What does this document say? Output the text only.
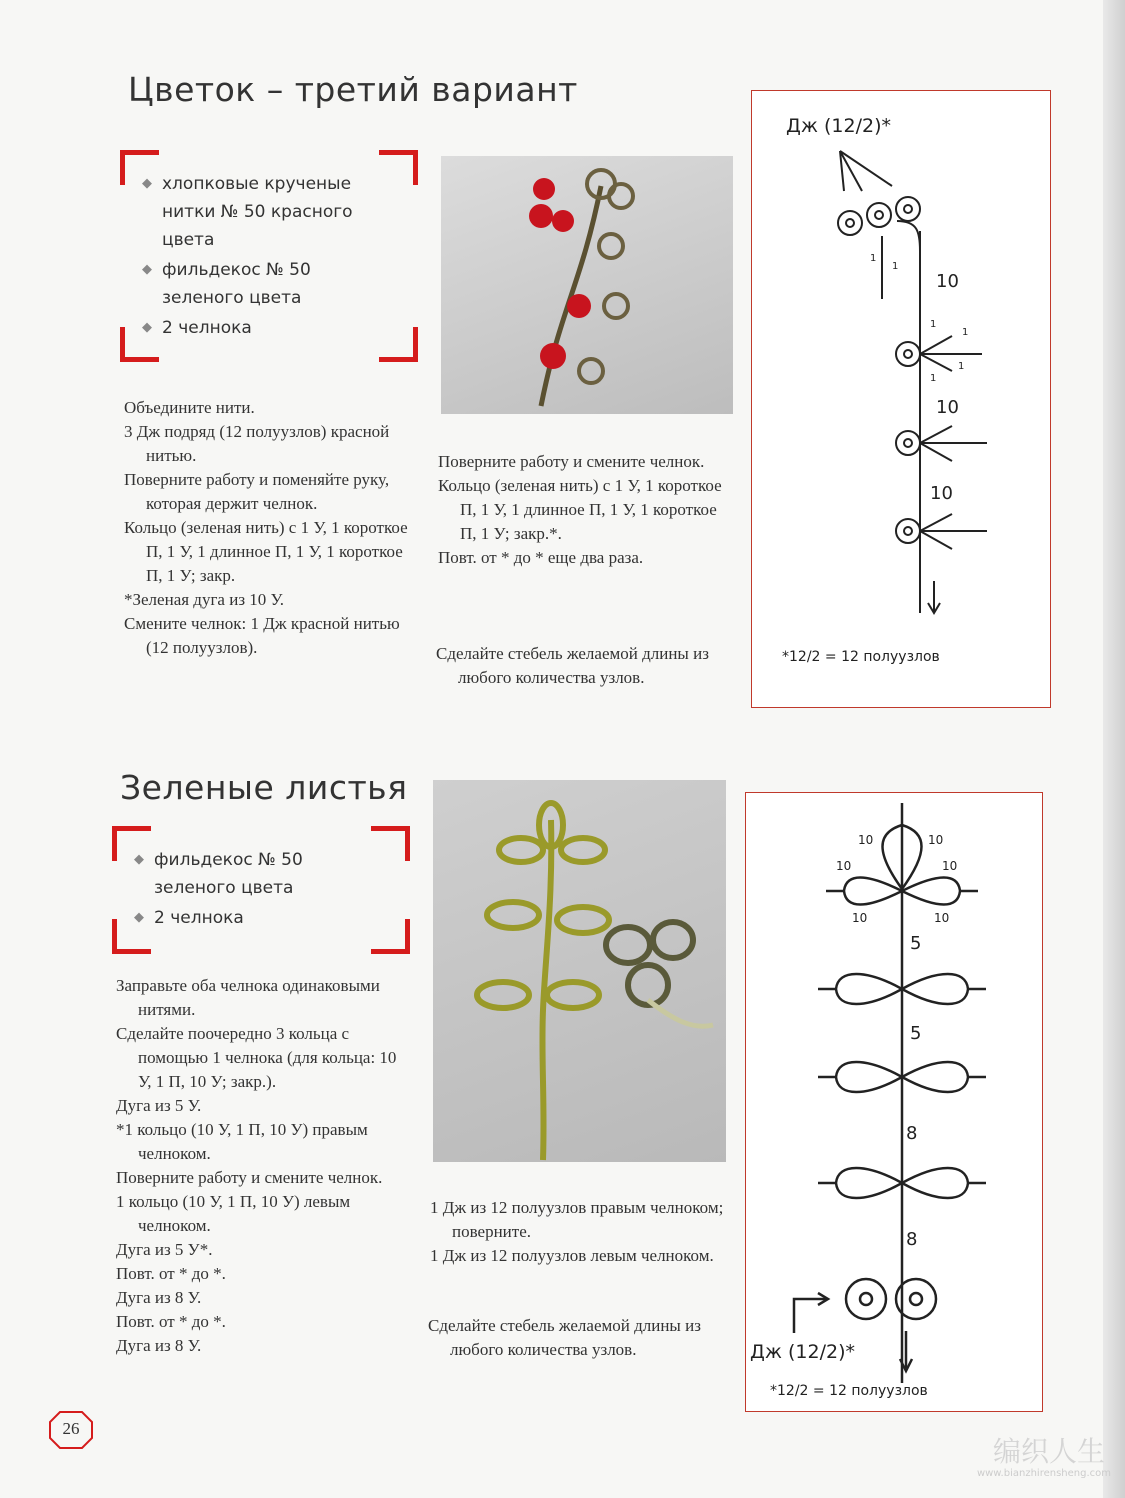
Цветок – третий вариант
◆ хлопковые крученые нитки № 50 красного цвета
◆ фильдекос № 50 зеленого цвета
◆ 2 челнока
Объедините нити.
3 Дж подряд (12 полуузлов) красной нитью.
Поверните работу и поменяйте руку, которая держит челнок.
Кольцо (зеленая нить) с 1 У, 1 короткое П, 1 У, 1 длинное П, 1 У, 1 короткое П, 1 У; закр.
*Зеленая дуга из 10 У.
Смените челнок: 1 Дж красной нитью (12 полуузлов).
Поверните работу и смените челнок.
Кольцо (зеленая нить) с 1 У, 1 короткое П, 1 У, 1 длинное П, 1 У, 1 короткое П, 1 У; закр.*.
Повт. от * до * еще два раза.
Сделайте стебель желаемой длины из любого количества узлов.
Дж (12/2)*
10
10
10
1
1
1
1
1
1
*12/2 = 12 полуузлов
Зеленые листья
◆ фильдекос № 50 зеленого цвета
◆ 2 челнока
Заправьте оба челнока одинаковыми нитями.
Сделайте поочередно 3 кольца с помощью 1 челнока (для кольца: 10 У, 1 П, 10 У; закр.).
Дуга из 5 У.
*1 кольцо (10 У, 1 П, 10 У) правым челноком.
Поверните работу и смените челнок.
1 кольцо (10 У, 1 П, 10 У) левым челноком.
Дуга из 5 У*.
Повт. от * до *.
Дуга из 8 У.
Повт. от * до *.
Дуга из 8 У.
1 Дж из 12 полуузлов правым челноком; поверните.
1 Дж из 12 полуузлов левым челноком.
Сделайте стебель желаемой длины из любого количества узлов.
10	10
10	10
10	10
5
5
8
8
Дж (12/2)*
*12/2 = 12 полуузлов
26
编织人生
www.bianzhirensheng.com
